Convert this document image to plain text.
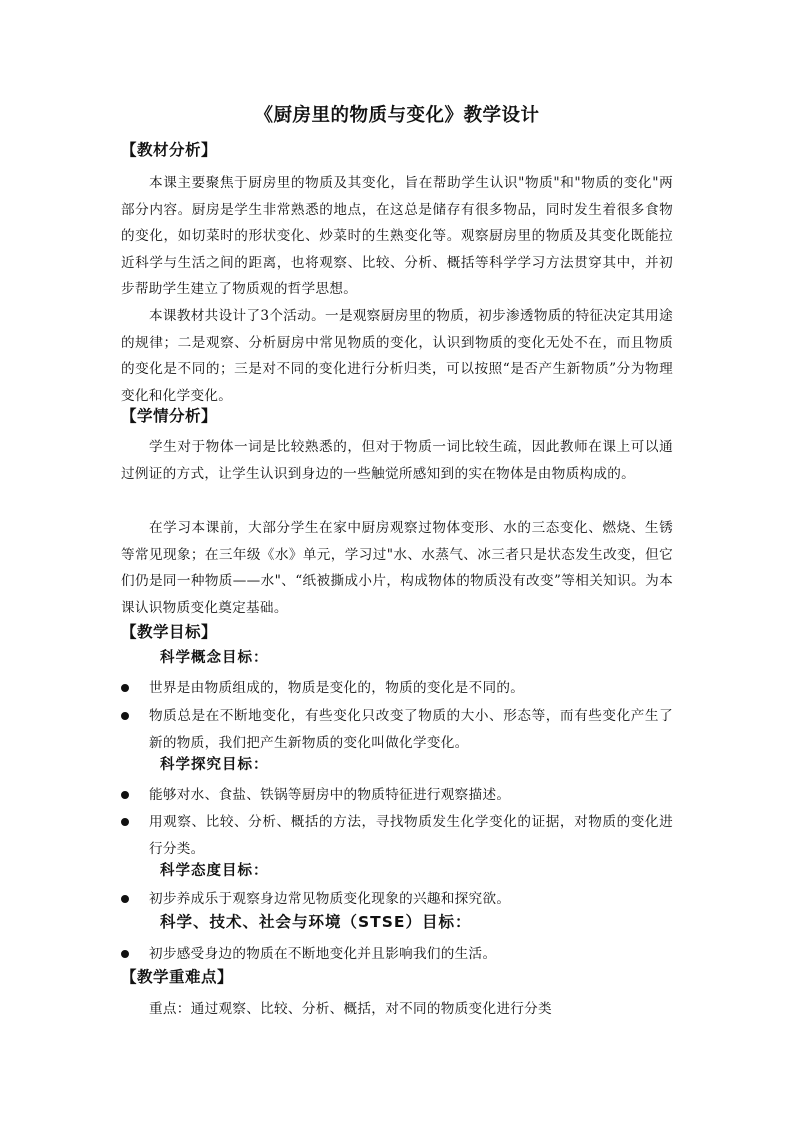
《厨房里的物质与变化》教学设计
【教材分析】

本课主要聚焦于厨房里的物质及其变化，旨在帮助学生认识"物质"和"物质的变化"两部分内容。厨房是学生非常熟悉的地点，在这总是储存有很多物品，同时发生着很多食物的变化，如切菜时的形状变化、炒菜时的生熟变化等。观察厨房里的物质及其变化既能拉近科学与生活之间的距离，也将观察、比较、分析、概括等科学学习方法贯穿其中，并初步帮助学生建立了物质观的哲学思想。

本课教材共设计了3个活动。一是观察厨房里的物质，初步渗透物质的特征决定其用途的规律；二是观察、分析厨房中常见物质的变化，认识到物质的变化无处不在，而且物质的变化是不同的；三是对不同的变化进行分析归类，可以按照“是否产生新物质”分为物理变化和化学变化。

【学情分析】

学生对于物体一词是比较熟悉的，但对于物质一词比较生疏，因此教师在课上可以通过例证的方式，让学生认识到身边的一些触觉所感知到的实在物体是由物质构成的。

在学习本课前，大部分学生在家中厨房观察过物体变形、水的三态变化、燃烧、生锈等常见现象；在三年级《水》单元，学习过"水、水蒸气、冰三者只是状态发生改变，但它们仍是同一种物质——水"、“纸被撕成小片，构成物体的物质没有改变”等相关知识。为本课认识物质变化奠定基础。

【教学目标】
科学概念目标：
世界是由物质组成的，物质是变化的，物质的变化是不同的。
物质总是在不断地变化，有些变化只改变了物质的大小、形态等，而有些变化产生了新的物质，我们把产生新物质的变化叫做化学变化。
科学探究目标：
能够对水、食盐、铁锅等厨房中的物质特征进行观察描述。
用观察、比较、分析、概括的方法，寻找物质发生化学变化的证据，对物质的变化进行分类。
科学态度目标：
初步养成乐于观察身边常见物质变化现象的兴趣和探究欲。
科学、技术、社会与环境（STSE）目标：
初步感受身边的物质在不断地变化并且影响我们的生活。
【教学重难点】

重点：通过观察、比较、分析、概括，对不同的物质变化进行分类
